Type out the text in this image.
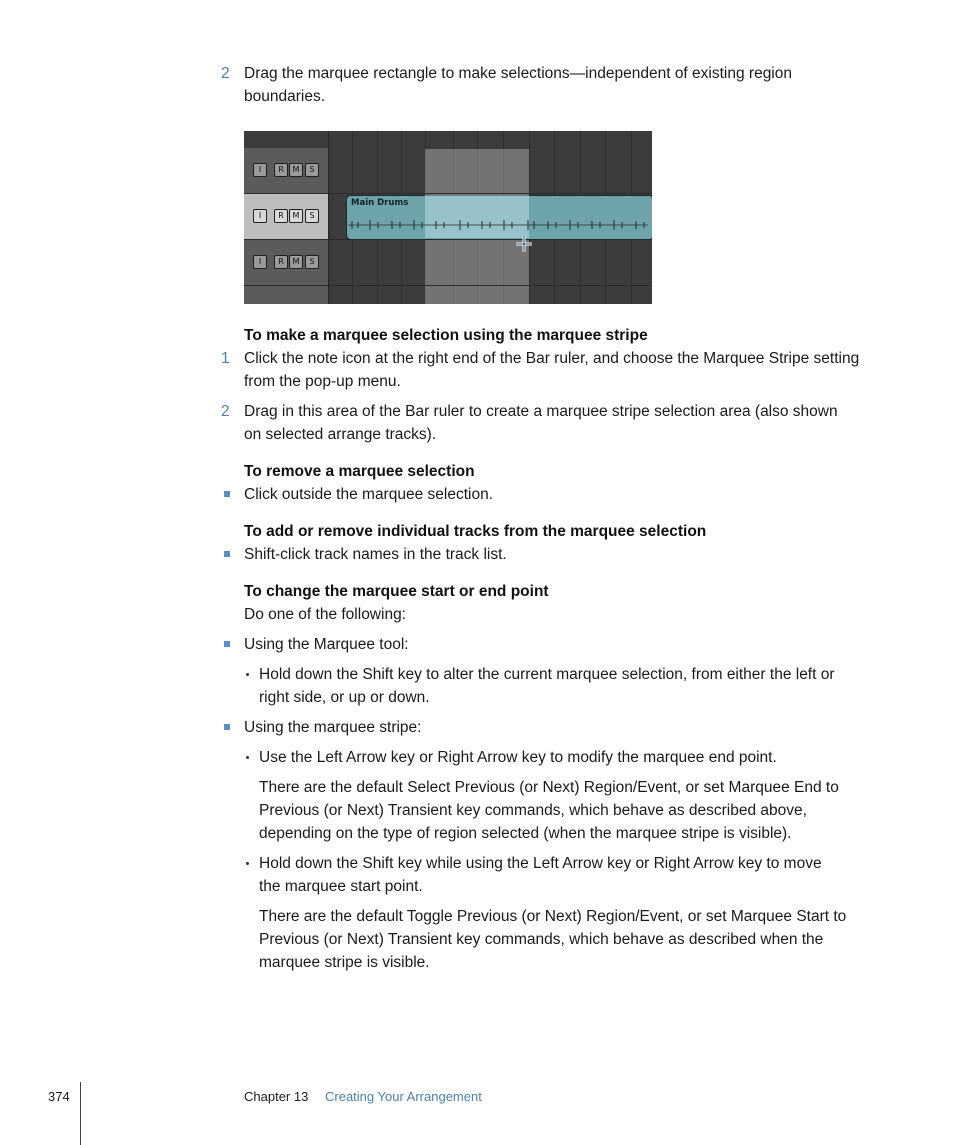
2 Drag the marquee rectangle to make selections—independent of existing region
boundaries.
I	R	M	S
I	R	M	S
I	R	M	S
Main Drums
To make a marquee selection using the marquee stripe
1 Click the note icon at the right end of the Bar ruler, and choose the Marquee Stripe setting
from the pop-up menu.
2 Drag in this area of the Bar ruler to create a marquee stripe selection area (also shown
on selected arrange tracks).
To remove a marquee selection
Click outside the marquee selection.
To add or remove individual tracks from the marquee selection
Shift-click track names in the track list.
To change the marquee start or end point
Do one of the following:
Using the Marquee tool:
Hold down the Shift key to alter the current marquee selection, from either the left or
right side, or up or down.
Using the marquee stripe:
Use the Left Arrow key or Right Arrow key to modify the marquee end point.
There are the default Select Previous (or Next) Region/Event, or set Marquee End to
Previous (or Next) Transient key commands, which behave as described above,
depending on the type of region selected (when the marquee stripe is visible).
Hold down the Shift key while using the Left Arrow key or Right Arrow key to move
the marquee start point.
There are the default Toggle Previous (or Next) Region/Event, or set Marquee Start to
Previous (or Next) Transient key commands, which behave as described when the
marquee stripe is visible.
374	Chapter 13 Creating Your Arrangement
